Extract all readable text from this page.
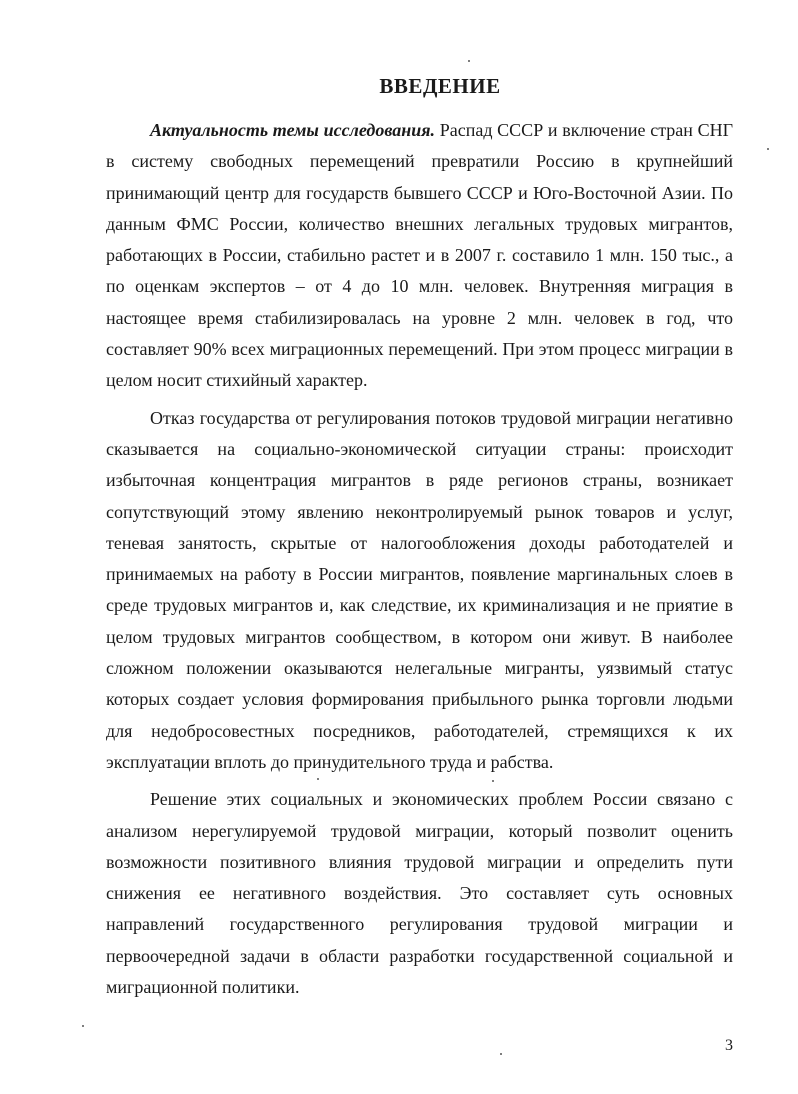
ВВЕДЕНИЕ

Актуальность темы исследования. Распад СССР и включение стран СНГ в систему свободных перемещений превратили Россию в крупнейший принимающий центр для государств бывшего СССР и Юго-Восточной Азии. По данным ФМС России, количество внешних легальных трудовых мигрантов, работающих в России, стабильно растет и в 2007 г. составило 1 млн. 150 тыс., а по оценкам экспертов – от 4 до 10 млн. человек. Внутренняя миграция в настоящее время стабилизировалась на уровне 2 млн. человек в год, что составляет 90% всех миграционных перемещений. При этом процесс миграции в целом носит стихийный характер.

Отказ государства от регулирования потоков трудовой миграции негативно сказывается на социально-экономической ситуации страны: происходит избыточная концентрация мигрантов в ряде регионов страны, возникает сопутствующий этому явлению неконтролируемый рынок товаров и услуг, теневая занятость, скрытые от налогообложения доходы работодателей и принимаемых на работу в России мигрантов, появление маргинальных слоев в среде трудовых мигрантов и, как следствие, их криминализация и не приятие в целом трудовых мигрантов сообществом, в котором они живут. В наиболее сложном положении оказываются нелегальные мигранты, уязвимый статус которых создает условия формирования прибыльного рынка торговли людьми для недобросовестных посредников, работодателей, стремящихся к их эксплуатации вплоть до принудительного труда и рабства.

Решение этих социальных и экономических проблем России связано с анализом нерегулируемой трудовой миграции, который позволит оценить возможности позитивного влияния трудовой миграции и определить пути снижения ее негативного воздействия. Это составляет суть основных направлений государственного регулирования трудовой миграции и первоочередной задачи в области разработки государственной социальной и миграционной политики.

3
